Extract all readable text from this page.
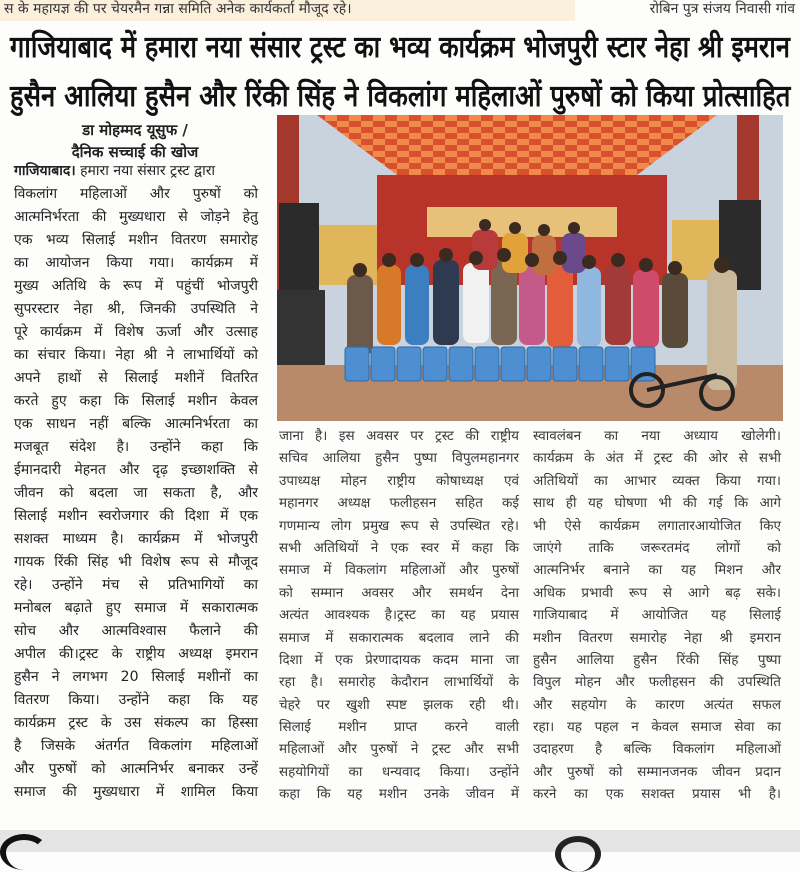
स के महायज्ञ की पर चेयरमैन गन्ना समिति अनेक कार्यकर्ता मौजूद रहे।	रोबिन पुत्र संजय निवासी गांव
गाजियाबाद में हमारा नया संसार ट्रस्ट का भव्य कार्यक्रम भोजपुरी स्टार नेहा श्री इमरान
हुसैन आलिया हुसैन और रिंकी सिंह ने विकलांग महिलाओं पुरुषों को किया प्रोत्साहित
डा मोहम्मद यूसुफ /
दैनिक सच्चाई की खोज
गाजियाबाद। हमारा नया संसार ट्रस्ट द्वारा
विकलांग महिलाओं और पुरुषों को
आत्मनिर्भरता की मुख्यधारा से जोड़ने हेतु
एक भव्य सिलाई मशीन वितरण समारोह
का आयोजन किया गया। कार्यक्रम में
मुख्य अतिथि के रूप में पहुंचीं भोजपुरी
सुपरस्टार नेहा श्री, जिनकी उपस्थिति ने
पूरे कार्यक्रम में विशेष ऊर्जा और उत्साह
का संचार किया। नेहा श्री ने लाभार्थियों को
अपने हाथों से सिलाई मशीनें वितरित
करते हुए कहा कि सिलाई मशीन केवल
एक साधन नहीं बल्कि आत्मनिर्भरता का
मजबूत संदेश है। उन्होंने कहा कि
ईमानदारी मेहनत और दृढ़ इच्छाशक्ति से
जीवन को बदला जा सकता है, और
सिलाई मशीन स्वरोजगार की दिशा में एक
सशक्त माध्यम है। कार्यक्रम में भोजपुरी
गायक रिंकी सिंह भी विशेष रूप से मौजूद
रहे। उन्होंने मंच से प्रतिभागियों का
मनोबल बढ़ाते हुए समाज में सकारात्मक
सोच और आत्मविश्वास फैलाने की
अपील की।ट्रस्ट के राष्ट्रीय अध्यक्ष इमरान
हुसैन ने लगभग 20 सिलाई मशीनों का
वितरण किया। उन्होंने कहा कि यह
कार्यक्रम ट्रस्ट के उस संकल्प का हिस्सा
है जिसके अंतर्गत विकलांग महिलाओं
और पुरुषों को आत्मनिर्भर बनाकर उन्हें
समाज की मुख्यधारा में शामिल किया
जाना है। इस अवसर पर ट्रस्ट की राष्ट्रीय
सचिव आलिया हुसैन पुष्पा विपुलमहानगर
उपाध्यक्ष मोहन राष्ट्रीय कोषाध्यक्ष एवं
महानगर अध्यक्ष फलीहसन सहित कई
गणमान्य लोग प्रमुख रूप से उपस्थित रहे।
सभी अतिथियों ने एक स्वर में कहा कि
समाज में विकलांग महिलाओं और पुरुषों
को सम्मान अवसर और समर्थन देना
अत्यंत आवश्यक है।ट्रस्ट का यह प्रयास
समाज में सकारात्मक बदलाव लाने की
दिशा में एक प्रेरणादायक कदम माना जा
रहा है। समारोह केदौरान लाभार्थियों के
चेहरे पर खुशी स्पष्ट झलक रही थी।
सिलाई मशीन प्राप्त करने वाली
महिलाओं और पुरुषों ने ट्रस्ट और सभी
सहयोगियों का धन्यवाद किया। उन्होंने
कहा कि यह मशीन उनके जीवन में
स्वावलंबन का नया अध्याय खोलेगी।
कार्यक्रम के अंत में ट्रस्ट की ओर से सभी
अतिथियों का आभार व्यक्त किया गया।
साथ ही यह घोषणा भी की गई कि आगे
भी ऐसे कार्यक्रम लगातारआयोजित किए
जाएंगे ताकि जरूरतमंद लोगों को
आत्मनिर्भर बनाने का यह मिशन और
अधिक प्रभावी रूप से आगे बढ़ सके।
गाजियाबाद में आयोजित यह सिलाई
मशीन वितरण समारोह नेहा श्री इमरान
हुसैन आलिया हुसैन रिंकी सिंह पुष्पा
विपुल मोहन और फलीहसन की उपस्थिति
और सहयोग के कारण अत्यंत सफल
रहा। यह पहल न केवल समाज सेवा का
उदाहरण है बल्कि विकलांग महिलाओं
और पुरुषों को सम्मानजनक जीवन प्रदान
करने का एक सशक्त प्रयास भी है।
